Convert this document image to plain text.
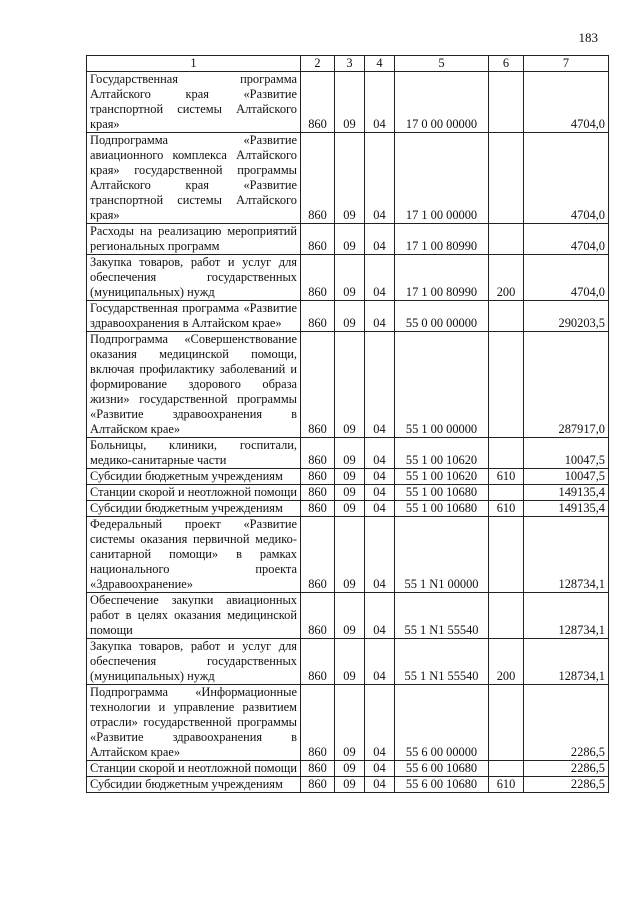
183
1	2	3	4	5	6	7
Государственная программа Алтайского края «Развитие транспортной системы Алтайского края»	860	09	04	17 0 00 00000		4704,0
Подпрограмма «Развитие авиационного комплекса Алтайского края» государственной программы Алтайского края «Развитие транспортной системы Алтайского края»	860	09	04	17 1 00 00000		4704,0
Расходы на реализацию мероприятий региональных программ	860	09	04	17 1 00 80990		4704,0
Закупка товаров, работ и услуг для обеспечения государственных (муниципальных) нужд	860	09	04	17 1 00 80990	200	4704,0
Государственная программа «Развитие здравоохранения в Алтайском крае»	860	09	04	55 0 00 00000		290203,5
Подпрограмма «Совершенствование оказания медицинской помощи, включая профилактику заболеваний и формирование здорового образа жизни» государственной программы «Развитие здравоохранения в Алтайском крае»	860	09	04	55 1 00 00000		287917,0
Больницы, клиники, госпитали, медико-санитарные части	860	09	04	55 1 00 10620		10047,5
Субсидии бюджетным учреждениям	860	09	04	55 1 00 10620	610	10047,5
Станции скорой и неотложной помощи	860	09	04	55 1 00 10680		149135,4
Субсидии бюджетным учреждениям	860	09	04	55 1 00 10680	610	149135,4
Федеральный проект «Развитие системы оказания первичной медико-санитарной помощи» в рамках национального проекта «Здравоохранение»	860	09	04	55 1 N1 00000		128734,1
Обеспечение закупки авиационных работ в целях оказания медицинской помощи	860	09	04	55 1 N1 55540		128734,1
Закупка товаров, работ и услуг для обеспечения государственных (муниципальных) нужд	860	09	04	55 1 N1 55540	200	128734,1
Подпрограмма «Информационные технологии и управление развитием отрасли» государственной программы «Развитие здравоохранения в Алтайском крае»	860	09	04	55 6 00 00000		2286,5
Станции скорой и неотложной помощи	860	09	04	55 6 00 10680		2286,5
Субсидии бюджетным учреждениям	860	09	04	55 6 00 10680	610	2286,5
